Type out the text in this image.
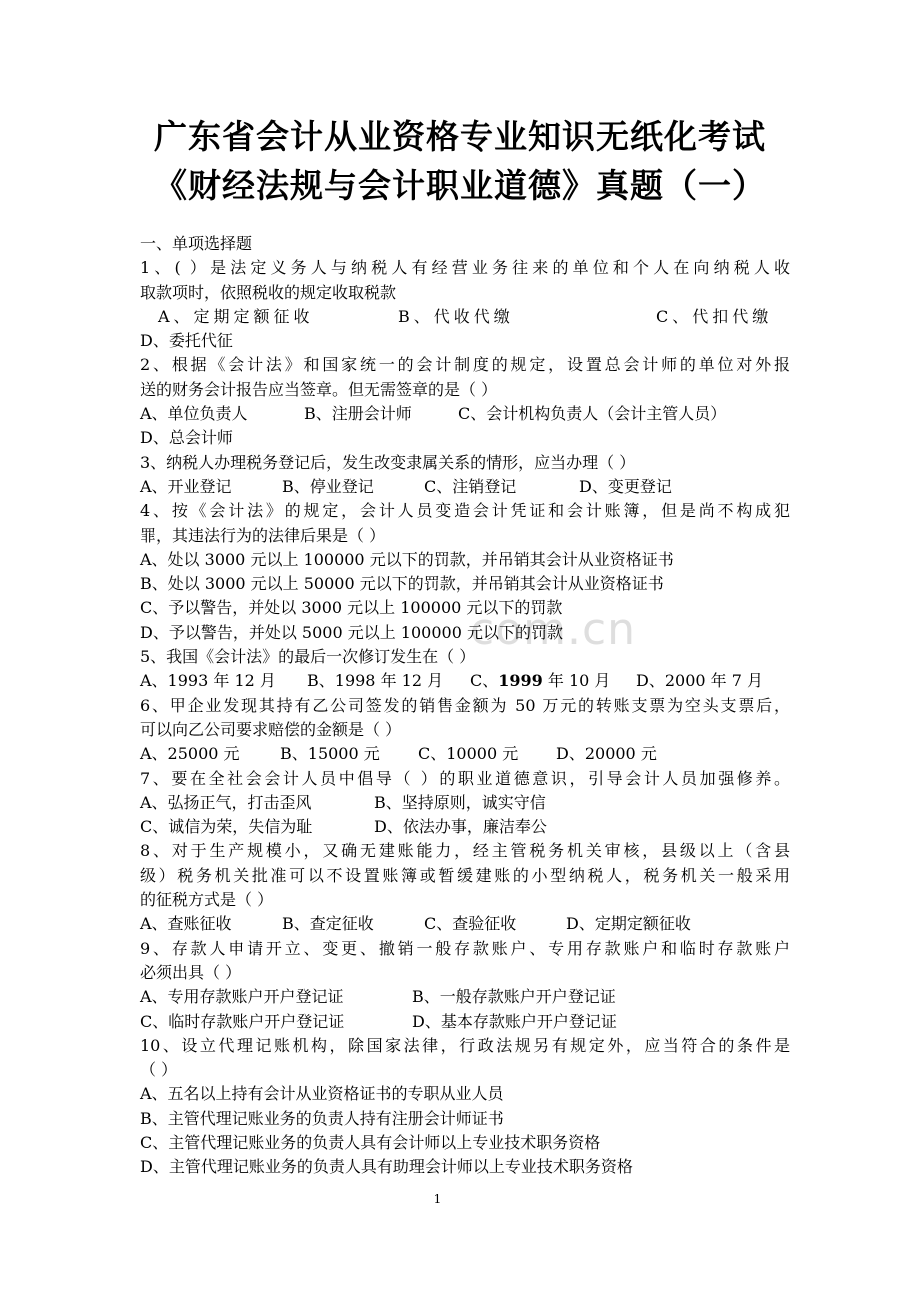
广东省会计从业资格专业知识无纸化考试
《财经法规与会计职业道德》真题（一）
com.cn
一、单项选择题
1、( ）是法定义务人与纳税人有经营业务往来的单位和个人在向纳税人收
取款项时，依照税收的规定收取税款
A、定期定额征收	B、代收代缴	C、代扣代缴
D、委托代征
2、根据《会计法》和国家统一的会计制度的规定，设置总会计师的单位对外报
送的财务会计报告应当签章。但无需签章的是（ ）
A、单位负责人	B、注册会计师	C、会计机构负责人（会计主管人员）
D、总会计师
3、纳税人办理税务登记后，发生改变隶属关系的情形，应当办理（ ）
A、开业登记	B、停业登记	C、注销登记	D、变更登记
4、按《会计法》的规定，会计人员变造会计凭证和会计账簿，但是尚不构成犯
罪，其违法行为的法律后果是（ ）
A、处以 3000 元以上 100000 元以下的罚款，并吊销其会计从业资格证书
B、处以 3000 元以上 50000 元以下的罚款，并吊销其会计从业资格证书
C、予以警告，并处以 3000 元以上 100000 元以下的罚款
D、予以警告，并处以 5000 元以上 100000 元以下的罚款
5、我国《会计法》的最后一次修订发生在（ ）
A、1993 年 12 月 B、1998 年 12 月 C、1999 年 10 月 D、2000 年 7 月
6、甲企业发现其持有乙公司签发的销售金额为 50 万元的转账支票为空头支票后，
可以向乙公司要求赔偿的金额是（ ）
A、25000 元	B、15000 元 C、10000 元 D、20000 元
7、要在全社会会计人员中倡导（ ）的职业道德意识，引导会计人员加强修养。
A、弘扬正气，打击歪风	B、坚持原则，诚实守信
C、诚信为荣，失信为耻	D、依法办事，廉洁奉公
8、对于生产规模小，又确无建账能力，经主管税务机关审核，县级以上（含县
级）税务机关批准可以不设置账簿或暂缓建账的小型纳税人，税务机关一般采用
的征税方式是（ ）
A、查账征收	B、查定征收	C、查验征收	D、定期定额征收
9、存款人申请开立、变更、撤销一般存款账户、专用存款账户和临时存款账户
必须出具（ ）
A、专用存款账户开户登记证	B、一般存款账户开户登记证
C、临时存款账户开户登记证	D、基本存款账户开户登记证
10、设立代理记账机构，除国家法律，行政法规另有规定外，应当符合的条件是
（ ）
A、五名以上持有会计从业资格证书的专职从业人员
B、主管代理记账业务的负责人持有注册会计师证书
C、主管代理记账业务的负责人具有会计师以上专业技术职务资格
D、主管代理记账业务的负责人具有助理会计师以上专业技术职务资格
1
